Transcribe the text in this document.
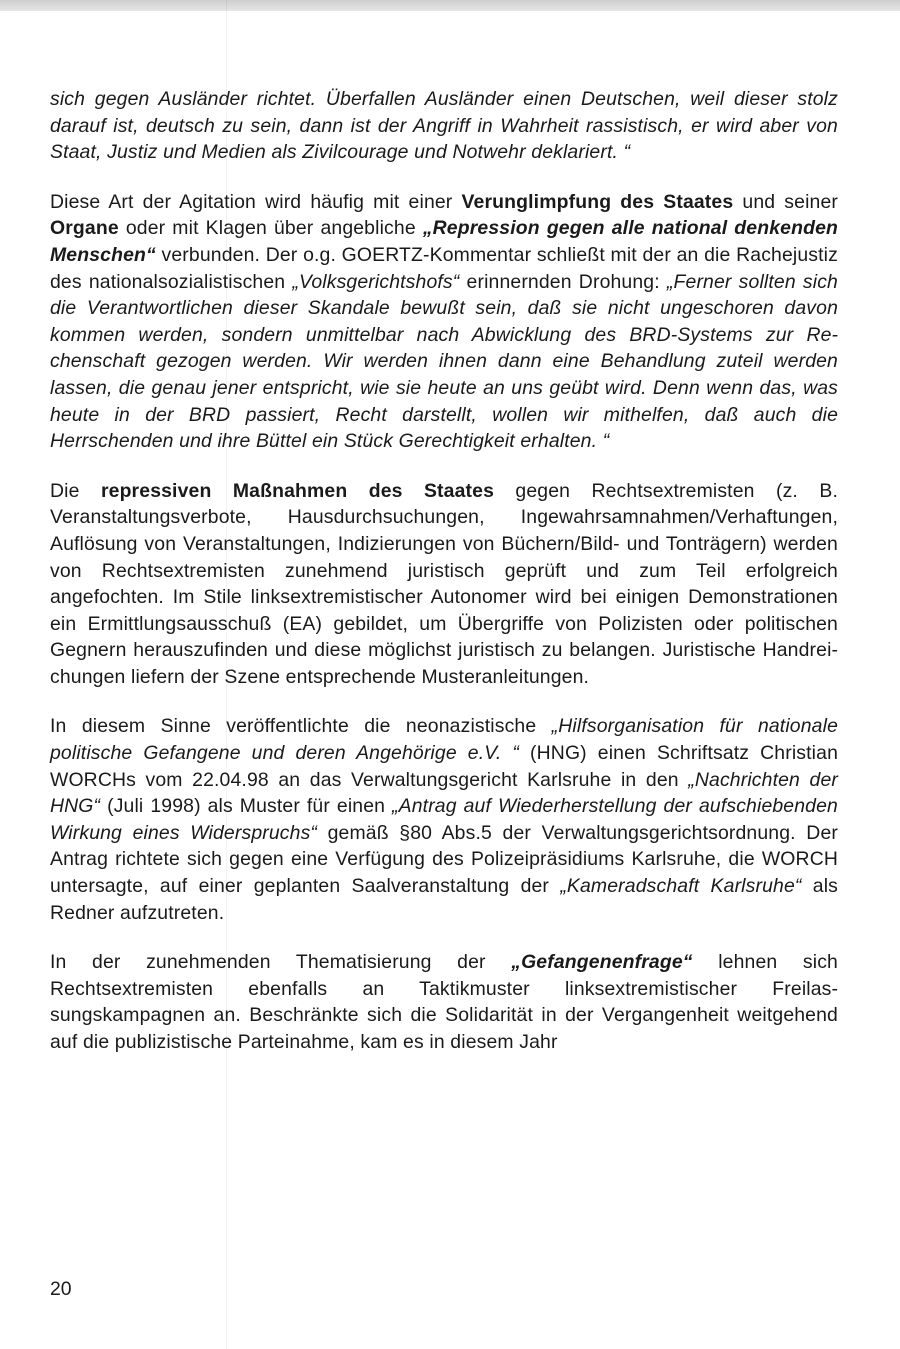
sich gegen Ausländer richtet. Überfallen Ausländer einen Deutschen, weil dieser stolz darauf ist, deutsch zu sein, dann ist der Angriff in Wahrheit rassistisch, er wird aber von Staat, Justiz und Medien als Zivilcourage und Notwehr deklariert. “

Diese Art der Agitation wird häufig mit einer Verunglimpfung des Staates und seiner Organe oder mit Klagen über angebliche „Repression gegen alle national denkenden Menschen“ verbunden. Der o.g. GOERTZ-Kommentar schließt mit der an die Rachejustiz des nationalsozialistischen „Volksgerichtshofs“ erinnernden Drohung: „Ferner sollten sich die Verantwortlichen dieser Skandale bewußt sein, daß sie nicht ungeschoren davon kommen werden, sondern unmittelbar nach Abwicklung des BRD-Systems zur Rechenschaft gezogen werden. Wir werden ihnen dann eine Behandlung zuteil werden lassen, die genau jener entspricht, wie sie heute an uns geübt wird. Denn wenn das, was heute in der BRD passiert, Recht darstellt, wollen wir mithelfen, daß auch die Herrschenden und ihre Büttel ein Stück Gerechtigkeit erhalten. “

Die repressiven Maßnahmen des Staates gegen Rechtsextremisten (z. B. Veranstaltungsverbote, Hausdurchsuchungen, Ingewahrsamnahmen/Verhaftungen, Auflösung von Veranstaltungen, Indizierungen von Büchern/Bild- und Tonträgern) werden von Rechtsextremisten zunehmend juristisch geprüft und zum Teil erfolgreich angefochten. Im Stile linksextremistischer Autonomer wird bei einigen Demonstrationen ein Ermittlungsausschuß (EA) gebildet, um Übergriffe von Polizisten oder politischen Gegnern herauszufinden und diese möglichst juristisch zu belangen. Juristische Handreichungen liefern der Szene entsprechende Musteranleitungen.

In diesem Sinne veröffentlichte die neonazistische „Hilfsorganisation für nationale politische Gefangene und deren Angehörige e.V. “ (HNG) einen Schriftsatz Christian WORCHs vom 22.04.98 an das Verwaltungsgericht Karlsruhe in den „Nachrichten der HNG“ (Juli 1998) als Muster für einen „Antrag auf Wiederherstellung der aufschiebenden Wirkung eines Widerspruchs“ gemäß §80 Abs.5 der Verwaltungsgerichtsordnung. Der Antrag richtete sich gegen eine Verfügung des Polizeipräsidiums Karlsruhe, die WORCH untersagte, auf einer geplanten Saalveranstaltung der „Kameradschaft Karlsruhe“ als Redner aufzutreten.

In der zunehmenden Thematisierung der „Gefangenenfrage“ lehnen sich Rechtsextremisten ebenfalls an Taktikmuster linksextremistischer Freilassungskampagnen an. Beschränkte sich die Solidarität in der Vergangenheit weitgehend auf die publizistische Parteinahme, kam es in diesem Jahr

20
